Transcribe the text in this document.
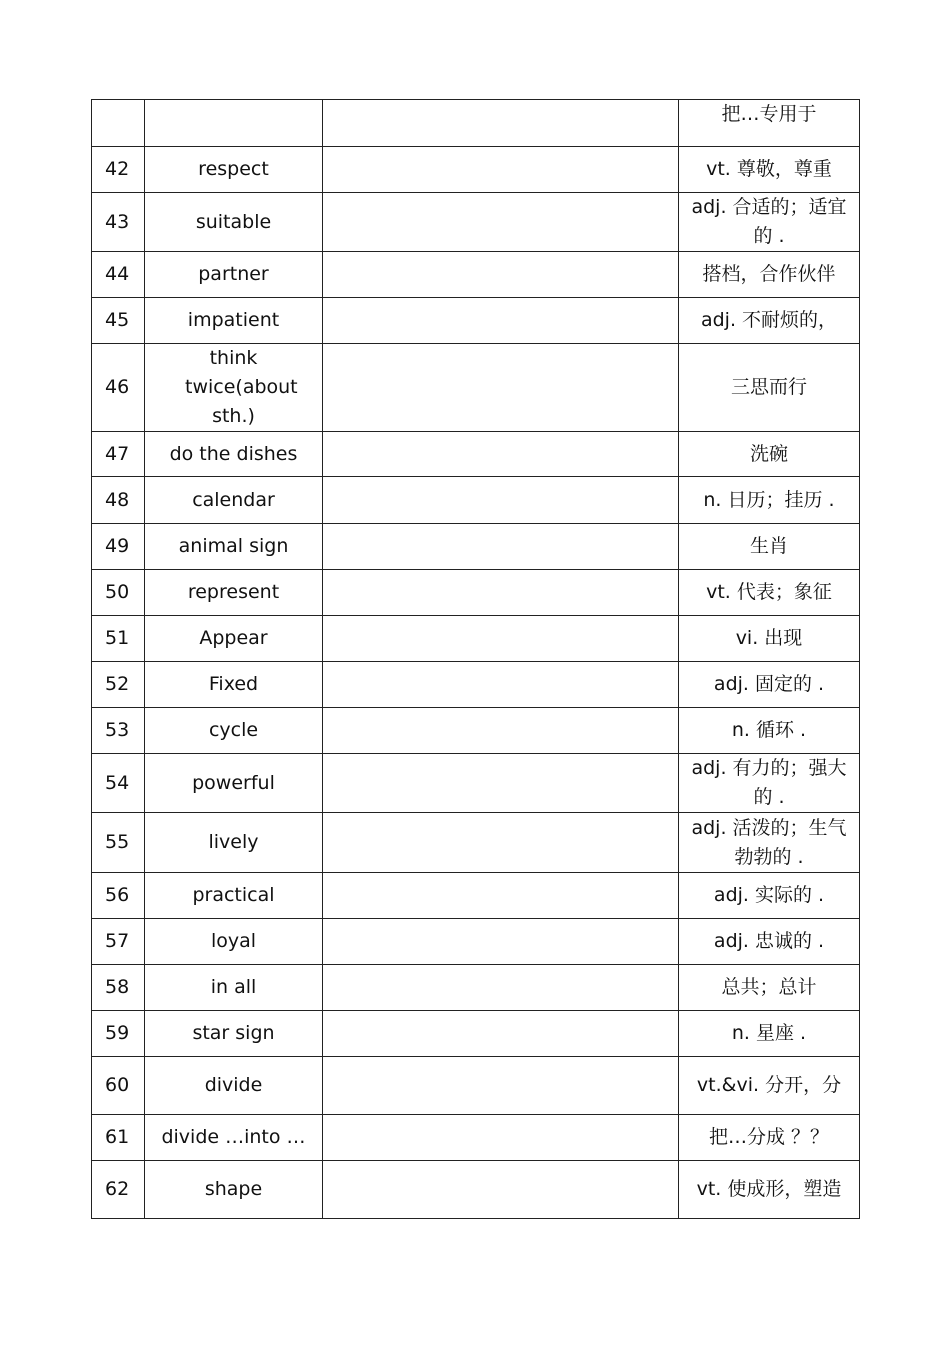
			把…专用于
42	respect		vt. 尊敬，尊重
43	suitable		adj. 合适的；适宜的 .
44	partner		搭档，合作伙伴
45	impatient		adj. 不耐烦的，
46	think twice(about sth.)		三思而行
47	do the dishes		洗碗
48	calendar		n. 日历；挂历 .
49	animal sign		生肖
50	represent		vt. 代表；象征
51	Appear		vi. 出现
52	Fixed		adj. 固定的 .
53	cycle		n. 循环 .
54	powerful		adj. 有力的；强大的 .
55	lively		adj. 活泼的；生气勃勃的 .
56	practical		adj. 实际的 .
57	loyal		adj. 忠诚的 .
58	in all		总共；总计
59	star sign		n. 星座 .
60	divide		vt.&vi. 分开，分
61	divide …into …		把…分成 ？？
62	shape		vt. 使成形，塑造
